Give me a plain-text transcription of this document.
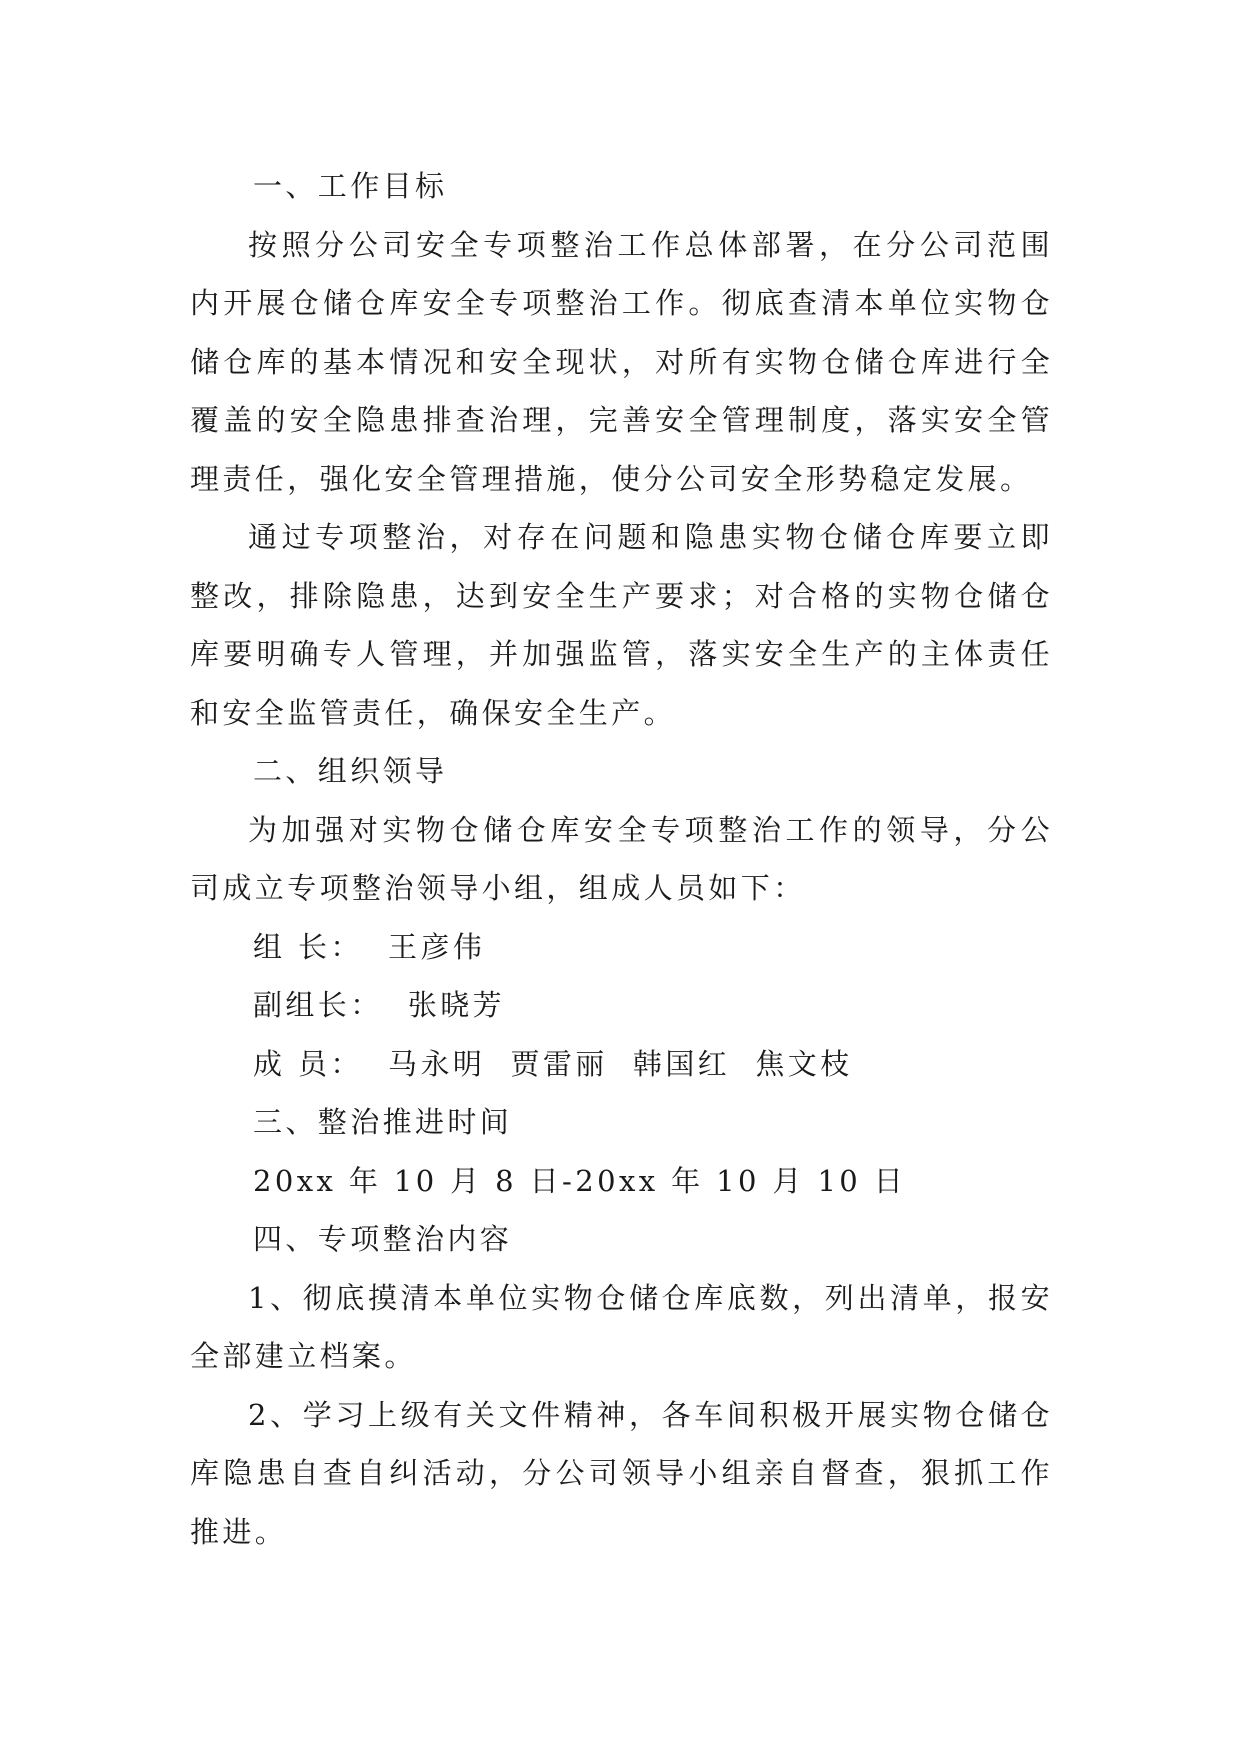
一、工作目标

按照分公司安全专项整治工作总体部署，在分公司范围内开展仓储仓库安全专项整治工作。彻底查清本单位实物仓储仓库的基本情况和安全现状，对所有实物仓储仓库进行全覆盖的安全隐患排查治理，完善安全管理制度，落实安全管理责任，强化安全管理措施，使分公司安全形势稳定发展。

通过专项整治，对存在问题和隐患实物仓储仓库要立即整改，排除隐患，达到安全生产要求；对合格的实物仓储仓库要明确专人管理，并加强监管，落实安全生产的主体责任和安全监管责任，确保安全生产。

二、组织领导

为加强对实物仓储仓库安全专项整治工作的领导，分公司成立专项整治领导小组，组成人员如下：

组 长：  王彦伟

副组长：  张晓芳

成 员：  马永明  贾雷丽  韩国红  焦文枝

三、整治推进时间

20xx 年 10 月 8 日-20xx 年 10 月 10 日

四、专项整治内容

1、彻底摸清本单位实物仓储仓库底数，列出清单，报安全部建立档案。

2、学习上级有关文件精神，各车间积极开展实物仓储仓库隐患自查自纠活动，分公司领导小组亲自督查，狠抓工作推进。
